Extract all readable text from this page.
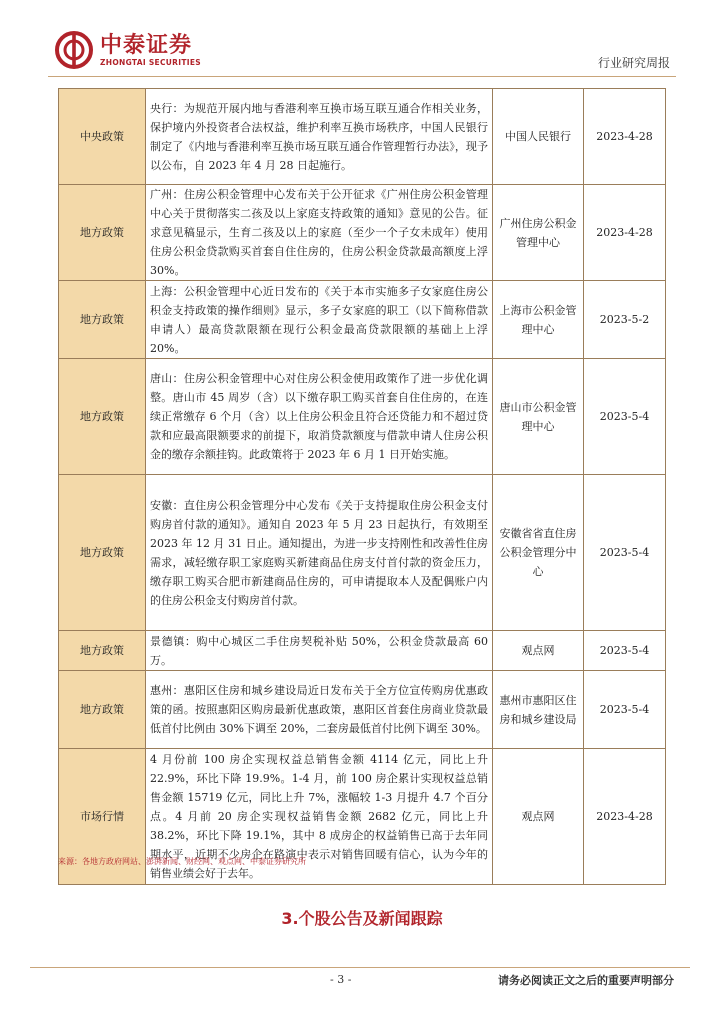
中泰证券
ZHONGTAI SECURITIES	行业研究周报
中央政策	央行：为规范开展内地与香港利率互换市场互联互通合作相关业务，保护境内外投资者合法权益，维护利率互换市场秩序，中国人民银行制定了《内地与香港利率互换市场互联互通合作管理暂行办法》，现予以公布，自 2023 年 4 月 28 日起施行。	中国人民银行	2023-4-28
地方政策	广州：住房公积金管理中心发布关于公开征求《广州住房公积金管理中心关于贯彻落实二孩及以上家庭支持政策的通知》意见的公告。征求意见稿显示，生育二孩及以上的家庭（至少一个子女未成年）使用住房公积金贷款购买首套自住住房的，住房公积金贷款最高额度上浮 30%。	广州住房公积金管理中心	2023-4-28
地方政策	上海：公积金管理中心近日发布的《关于本市实施多子女家庭住房公积金支持政策的操作细则》显示，多子女家庭的职工（以下简称借款申请人）最高贷款限额在现行公积金最高贷款限额的基础上上浮 20%。	上海市公积金管理中心	2023-5-2
地方政策	唐山：住房公积金管理中心对住房公积金使用政策作了进一步优化调整。唐山市 45 周岁（含）以下缴存职工购买首套自住住房的，在连续正常缴存 6 个月（含）以上住房公积金且符合还贷能力和不超过贷款和应最高限额要求的前提下，取消贷款额度与借款申请人住房公积金的缴存余额挂钩。此政策将于 2023 年 6 月 1 日开始实施。	唐山市公积金管理中心	2023-5-4
地方政策	安徽：直住房公积金管理分中心发布《关于支持提取住房公积金支付购房首付款的通知》。通知自 2023 年 5 月 23 日起执行，有效期至 2023 年 12 月 31 日止。通知提出，为进一步支持刚性和改善性住房需求，减轻缴存职工家庭购买新建商品住房支付首付款的资金压力，缴存职工购买合肥市新建商品住房的，可申请提取本人及配偶账户内的住房公积金支付购房首付款。	安徽省省直住房公积金管理分中心	2023-5-4
地方政策	景德镇：购中心城区二手住房契税补贴 50%，公积金贷款最高 60 万。	观点网	2023-5-4
地方政策	惠州：惠阳区住房和城乡建设局近日发布关于全方位宣传购房优惠政策的函。按照惠阳区购房最新优惠政策，惠阳区首套住房商业贷款最低首付比例由 30%下调至 20%，二套房最低首付比例下调至 30%。	惠州市惠阳区住房和城乡建设局	2023-5-4
市场行情	4 月份前 100 房企实现权益总销售金额 4114 亿元，同比上升 22.9%，环比下降 19.9%。1-4 月，前 100 房企累计实现权益总销售金额 15719 亿元，同比上升 7%，涨幅较 1-3 月提升 4.7 个百分点。4 月前 20 房企实现权益销售金额 2682 亿元，同比上升 38.2%，环比下降 19.1%，其中 8 成房企的权益销售已高于去年同期水平，近期不少房企在路演中表示对销售回暖有信心，认为今年的销售业绩会好于去年。	观点网	2023-4-28
来源：各地方政府网站、澎湃新闻、财经网、观点网、中泰证券研究所
3.个股公告及新闻跟踪
- 3 -	请务必阅读正文之后的重要声明部分
